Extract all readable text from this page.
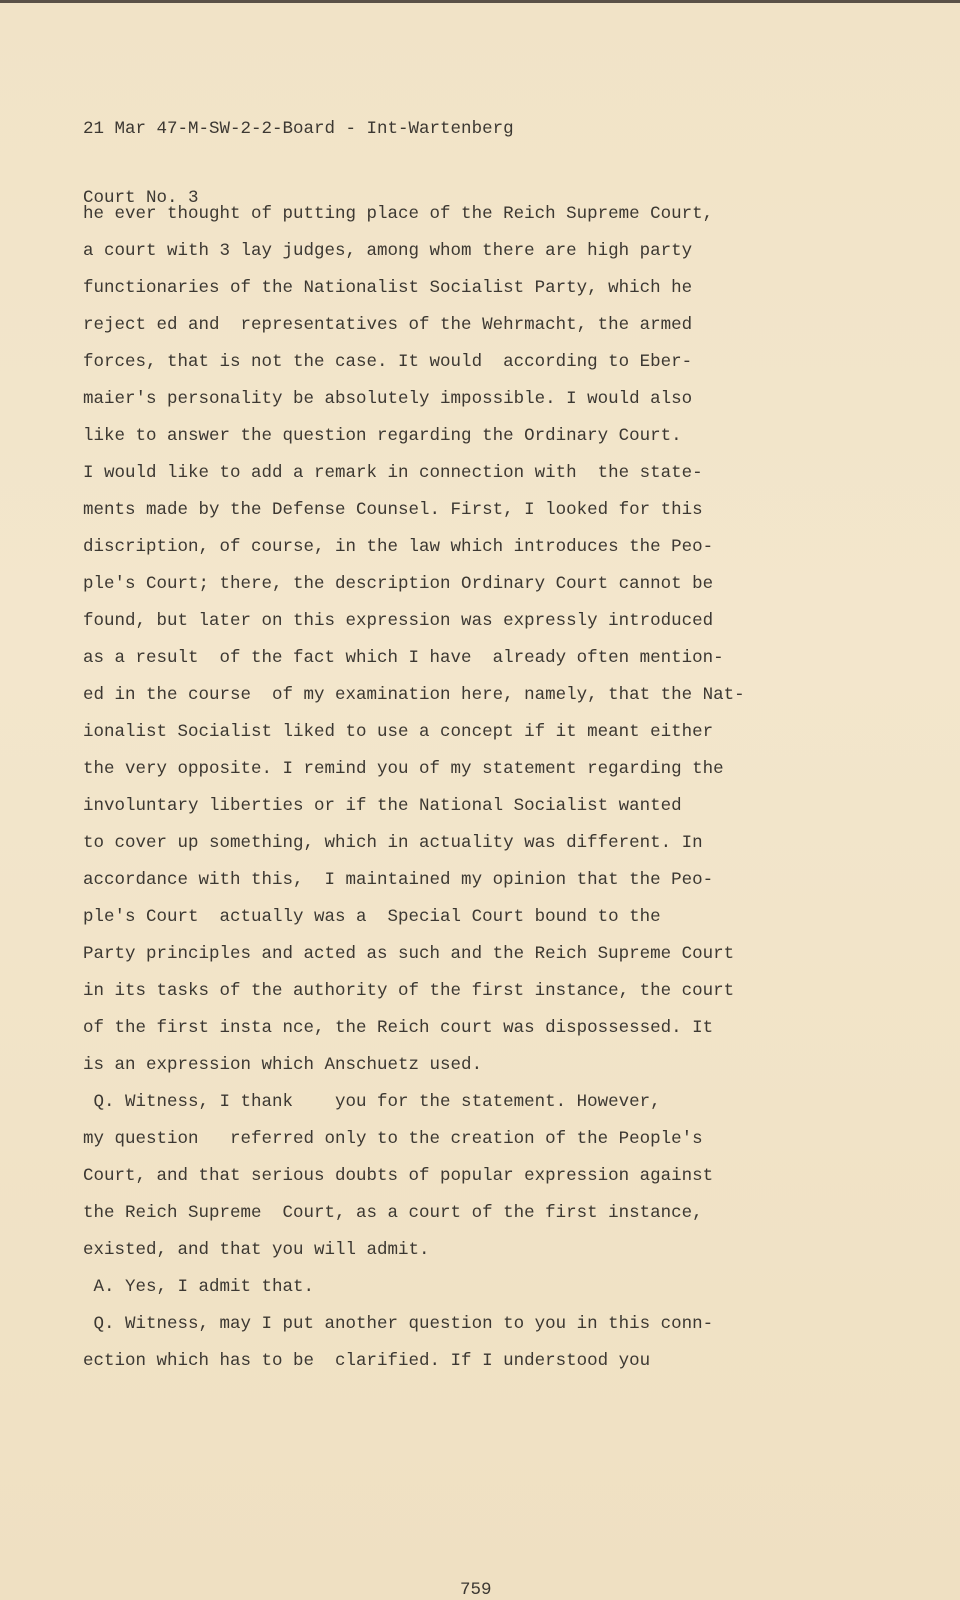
21 Mar 47-M-SW-2-2-Board - Int-Wartenberg

Court No. 3

he ever thought of putting place of the Reich Supreme Court,
a court with 3 lay judges, among whom there are high party
functionaries of the Nationalist Socialist Party, which he
reject ed and  representatives of the Wehrmacht, the armed
forces, that is not the case. It would  according to Eber-
maier's personality be absolutely impossible. I would also
like to answer the question regarding the Ordinary Court.
I would like to add a remark in connection with  the state-
ments made by the Defense Counsel. First, I looked for this
discription, of course, in the law which introduces the Peo-
ple's Court; there, the description Ordinary Court cannot be
found, but later on this expression was expressly introduced
as a result  of the fact which I have  already often mention-
ed in the course  of my examination here, namely, that the Nat-
ionalist Socialist liked to use a concept if it meant either
the very opposite. I remind you of my statement regarding the
involuntary liberties or if the National Socialist wanted
to cover up something, which in actuality was different. In
accordance with this,  I maintained my opinion that the Peo-
ple's Court  actually was a  Special Court bound to the
Party principles and acted as such and the Reich Supreme Court
in its tasks of the authority of the first instance, the court
of the first insta nce, the Reich court was dispossessed. It
is an expression which Anschuetz used.
Q. Witness, I thank    you for the statement. However,
my question   referred only to the creation of the People's
Court, and that serious doubts of popular expression against
the Reich Supreme  Court, as a court of the first instance,
existed, and that you will admit.
A. Yes, I admit that.
Q. Witness, may I put another question to you in this conn-
ection which has to be  clarified. If I understood you
759
